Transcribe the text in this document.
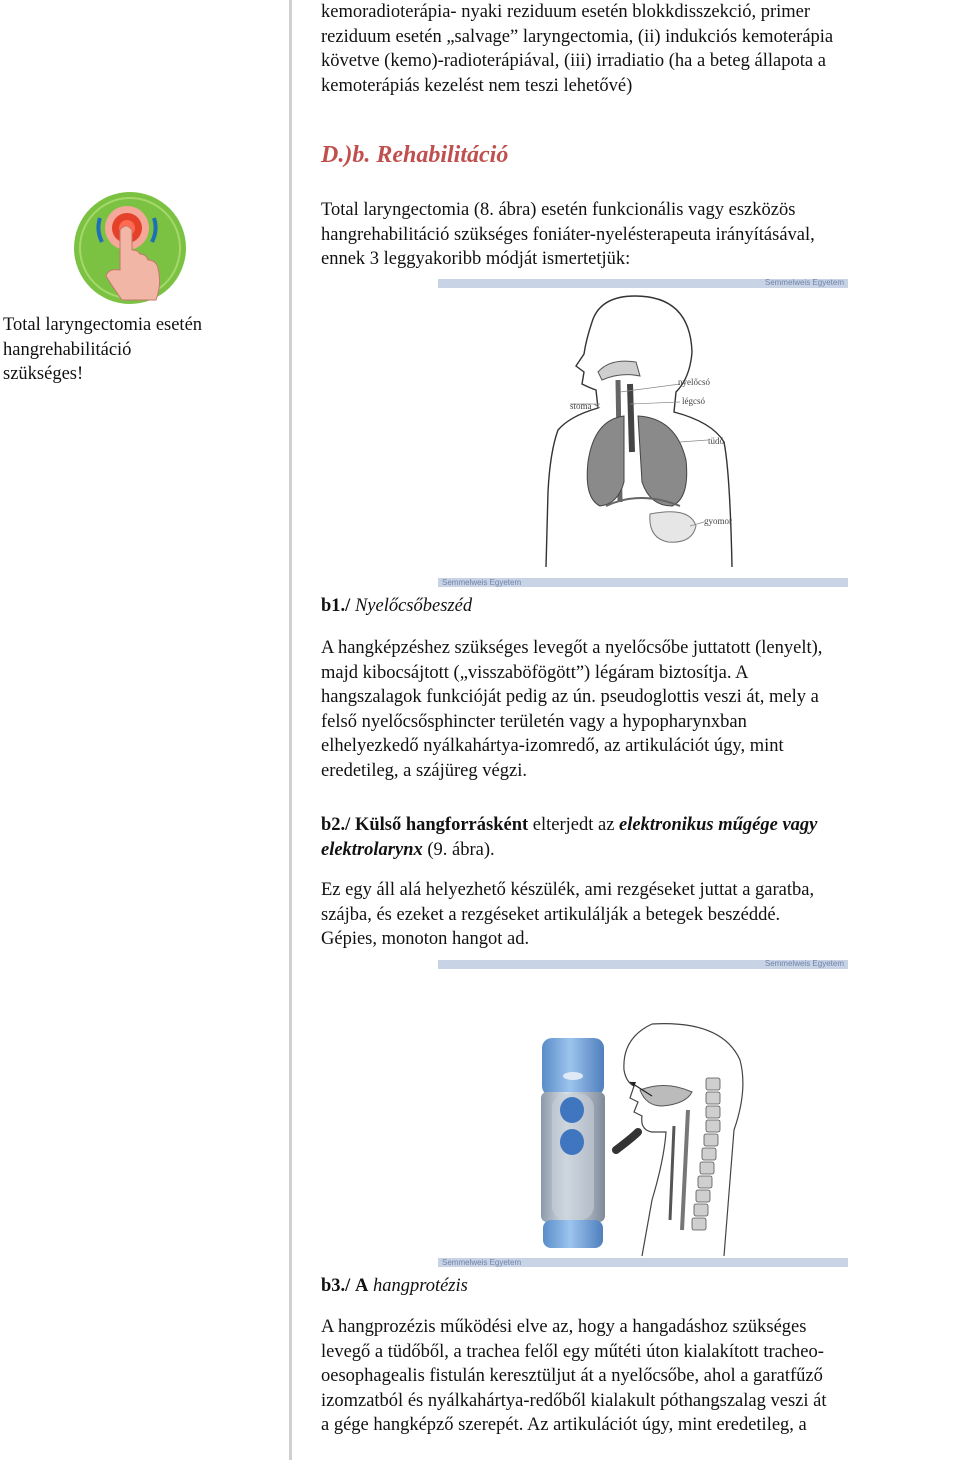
kemoradioterápia- nyaki reziduum esetén blokkdisszekció, primer

reziduum esetén „salvage” laryngectomia, (ii) indukciós kemoterápia

követve (kemo)-radioterápiával, (iii) irradiatio (ha a beteg állapota a

kemoterápiás kezelést nem teszi lehetővé)

D.)b. Rehabilitáció

Total laryngectomia (8. ábra) esetén funkcionális vagy eszközös

hangrehabilitáció szükséges foniáter-nyelésterapeuta irányításával,

ennek 3 leggyakoribb módját ismertetjük:

Total laryngectomia esetén
hangrehabilitáció
szükséges!
Semmelweis Egyetem
nyelőcsó
légcsó
stoma
tüdó
gyomor
Semmelweis Egyetem
b1./ Nyelőcsőbeszéd

A hangképzéshez szükséges levegőt a nyelőcsőbe juttatott (lenyelt),

majd kibocsájtott („visszaböfögött”) légáram biztosítja. A

hangszalagok funkcióját pedig az ún. pseudoglottis veszi át, mely a

felső nyelőcsősphincter területén vagy a hypopharynxban

elhelyezkedő nyálkahártya-izomredő, az artikulációt úgy, mint

eredetileg, a szájüreg végzi.

b2./ Külső hangforrásként elterjedt az elektronikus műgége vagy

elektrolarynx (9. ábra).

Ez egy áll alá helyezhető készülék, ami rezgéseket juttat a garatba,

szájba, és ezeket a rezgéseket artikulálják a betegek beszéddé.

Gépies, monoton hangot ad.

Semmelweis Egyetem
Semmelweis Egyetem
b3./ A hangprotézis

A hangprozézis működési elve az, hogy a hangadáshoz szükséges

levegő a tüdőből, a trachea felől egy műtéti úton kialakított tracheo-

oesophagealis fistulán keresztüljut át a nyelőcsőbe, ahol a garatfűző

izomzatból és nyálkahártya-redőből kialakult póthangszalag veszi át

a gége hangképző szerepét. Az artikulációt úgy, mint eredetileg, a
